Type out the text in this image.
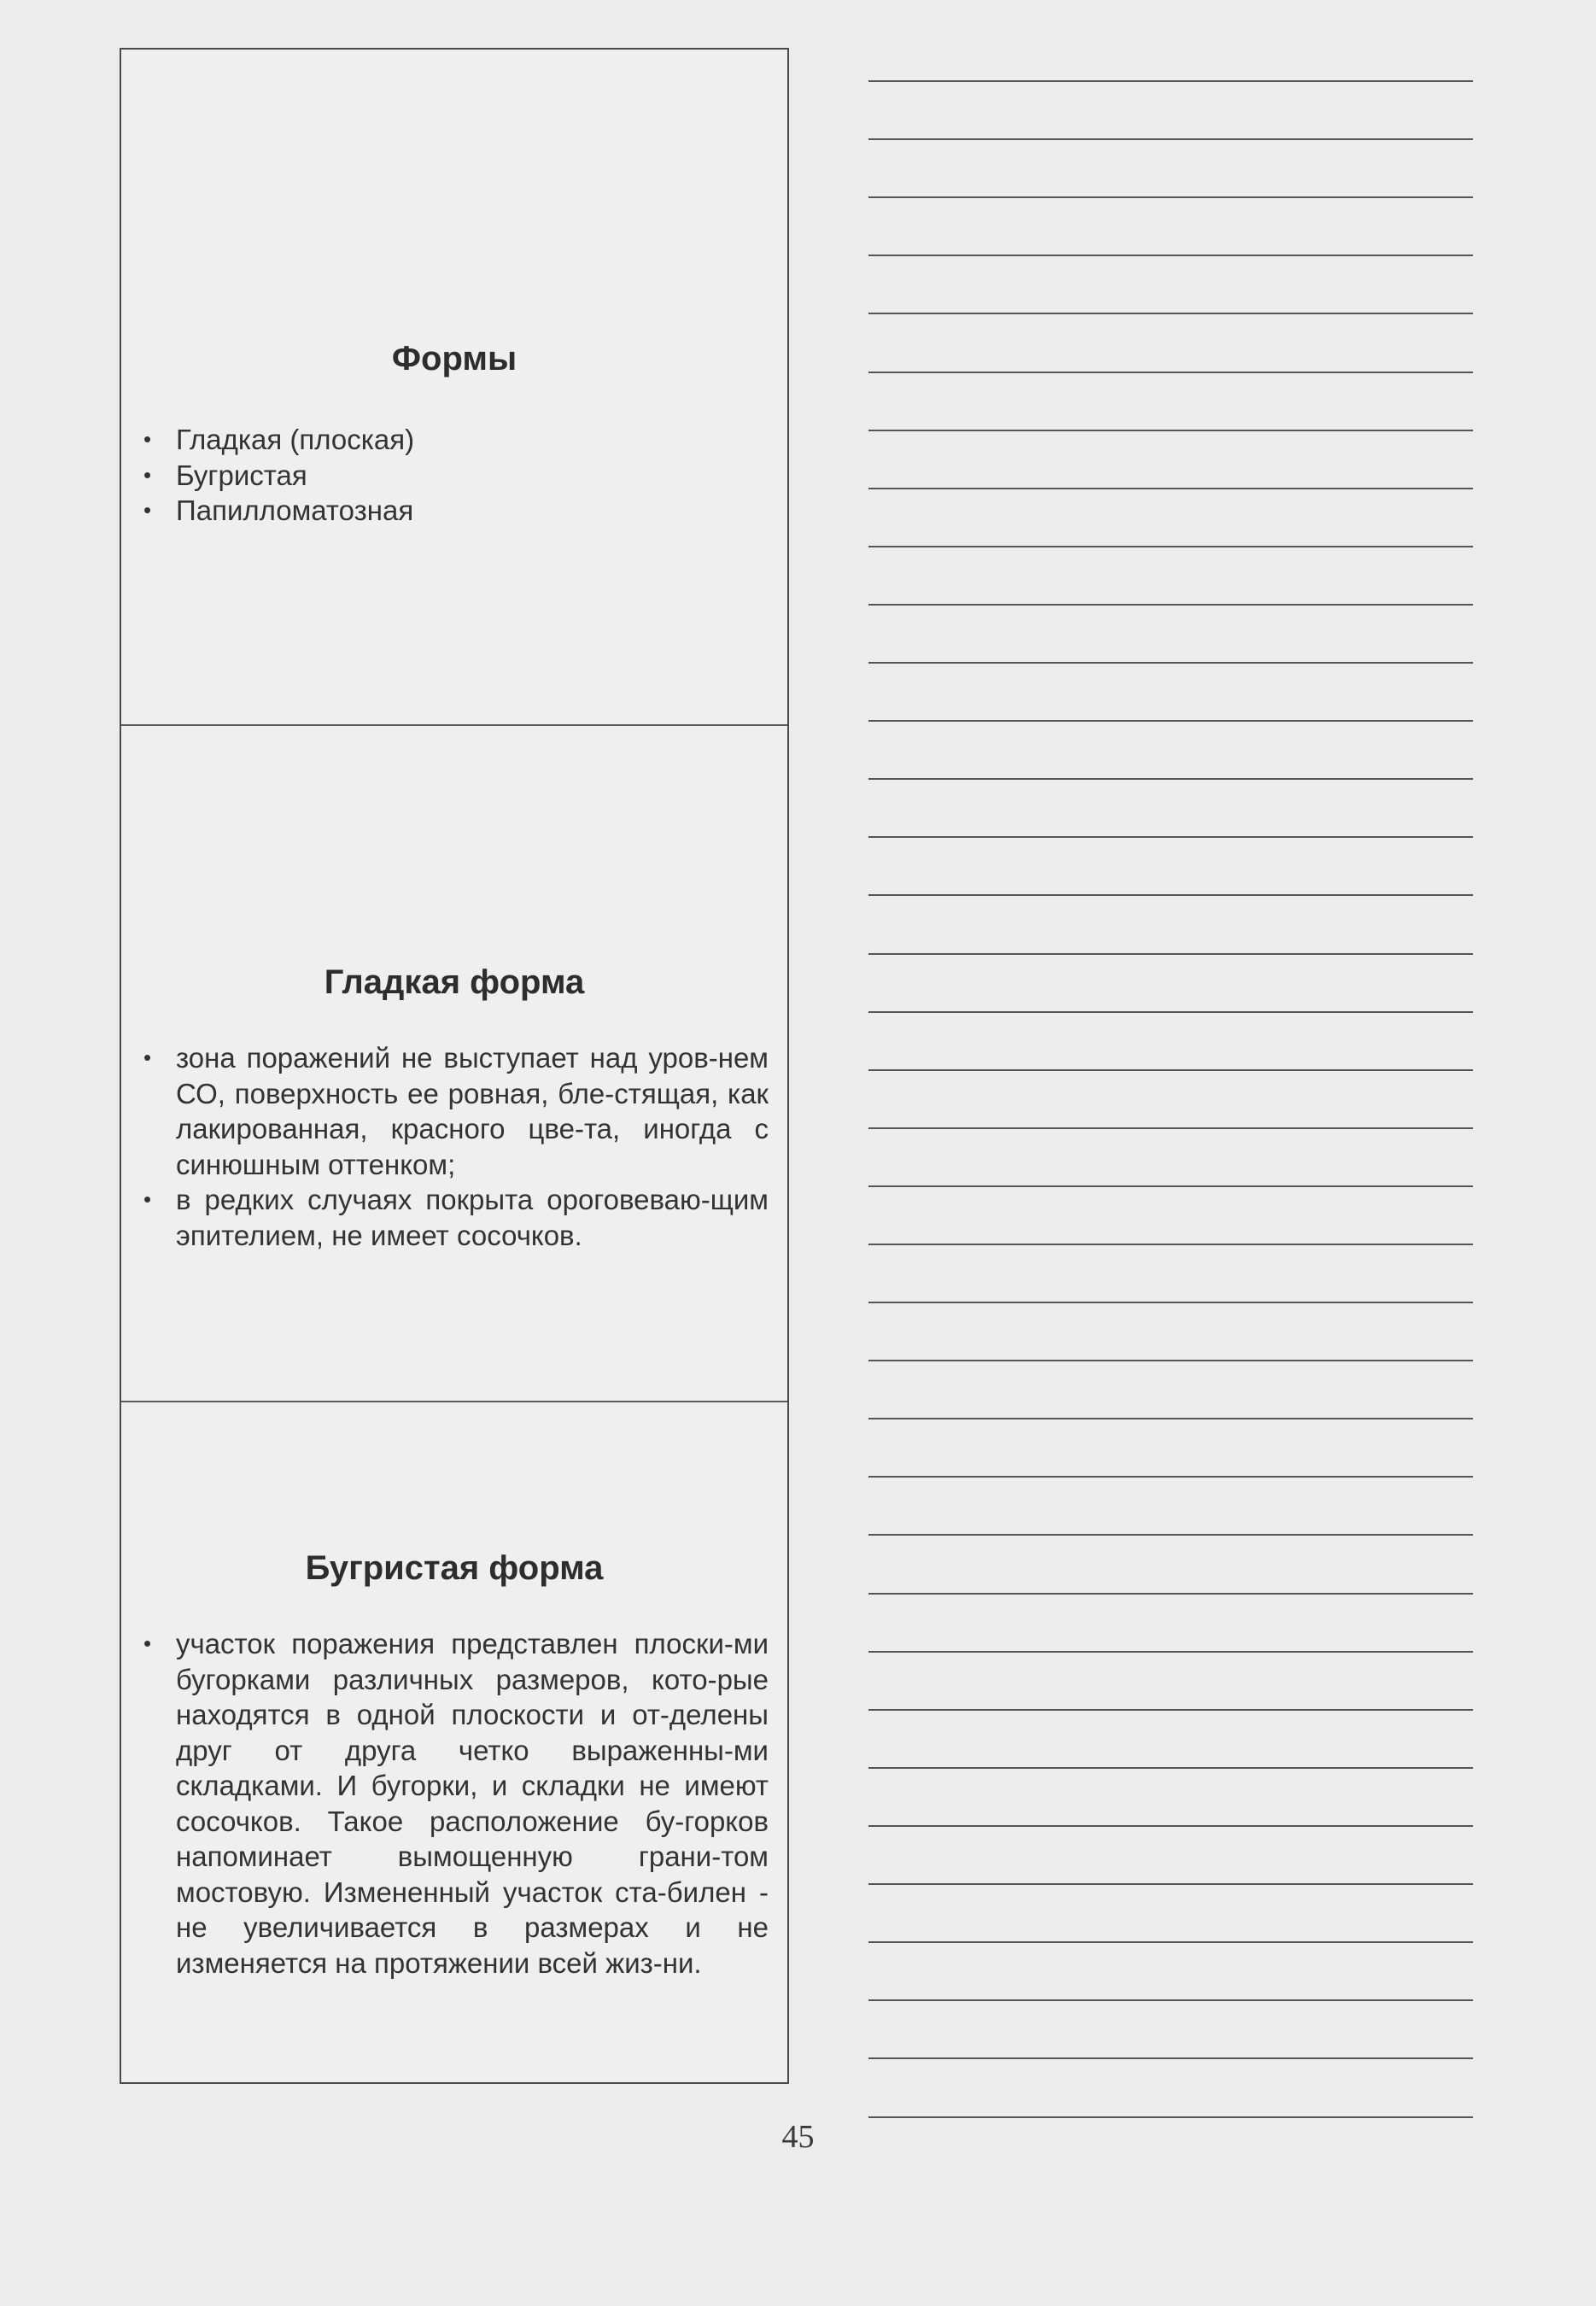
Формы
• Гладкая (плоская)
• Бугристая
• Папилломатозная
Гладкая форма
• зона поражений не выступает над уров-нем СО, поверхность ее ровная, бле-стящая, как лакированная, красного цве-та, иногда с синюшным оттенком;
• в редких случаях покрыта ороговеваю-щим эпителием, не имеет сосочков.
Бугристая форма
• участок поражения представлен плоски-ми бугорками различных размеров, кото-рые находятся в одной плоскости и от-делены друг от друга четко выраженны-ми складками. И бугорки, и складки не имеют сосочков. Такое расположение бу-горков напоминает вымощенную грани-том мостовую. Измененный участок ста-билен - не увеличивается в размерах и не изменяется на протяжении всей жиз-ни.
45
